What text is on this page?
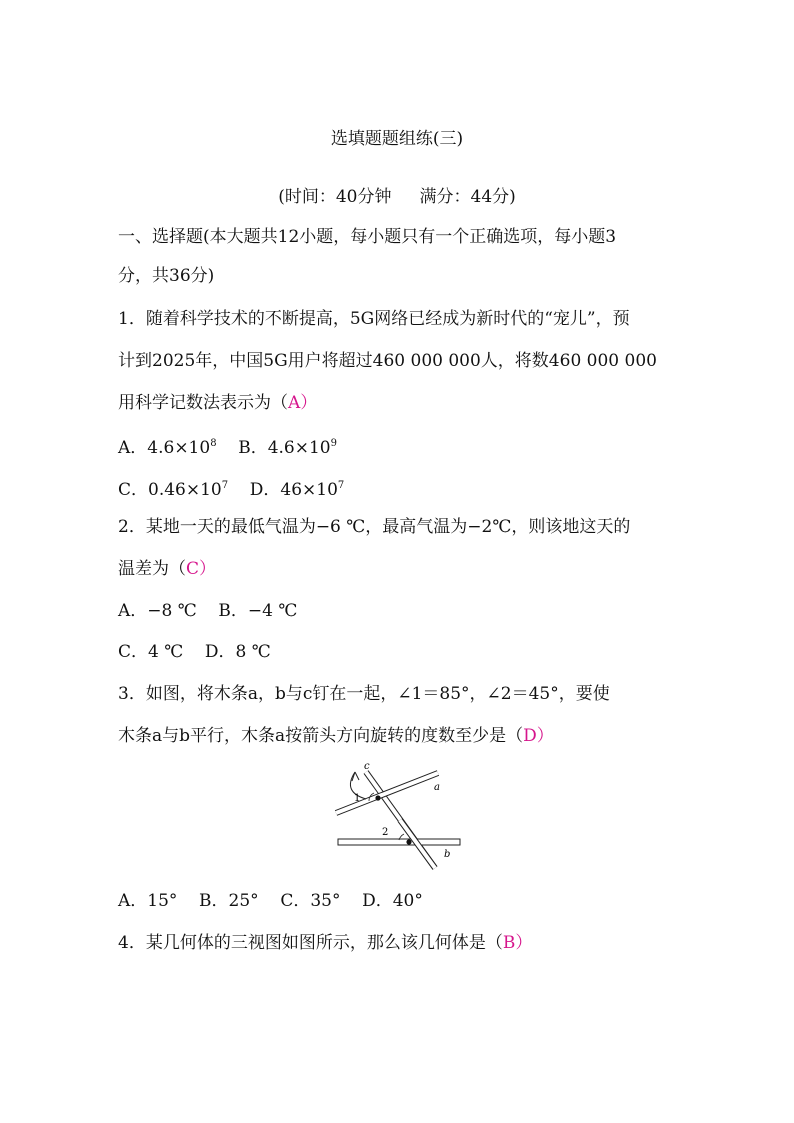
选填题题组练(三)
(时间：40分钟 满分：44分)
一、选择题(本大题共12小题，每小题只有一个正确选项，每小题3
分，共36分)
1．随着科学技术的不断提高，5G网络已经成为新时代的“宠儿”，预
计到2025年，中国5G用户将超过460 000 000人，将数460 000 000
用科学记数法表示为（A）
A．$4.6\times 10^8$ B．$4.6\times 10^9$
C．$0.46\times 10^7$ D．$46\times 10^7$
2．某地一天的最低气温为−6 ℃，最高气温为−2℃，则该地这天的
温差为（C）
A．−8 ℃ B．−4 ℃
C．4 ℃ D．8 ℃
3．如图，将木条a，b与c钉在一起，∠1＝85°，∠2＝45°，要使
木条a与b平行，木条a按箭头方向旋转的度数至少是（D）
c
a
b
1
2
A．15° B．25° C．35° D．40°
4．某几何体的三视图如图所示，那么该几何体是（B）
